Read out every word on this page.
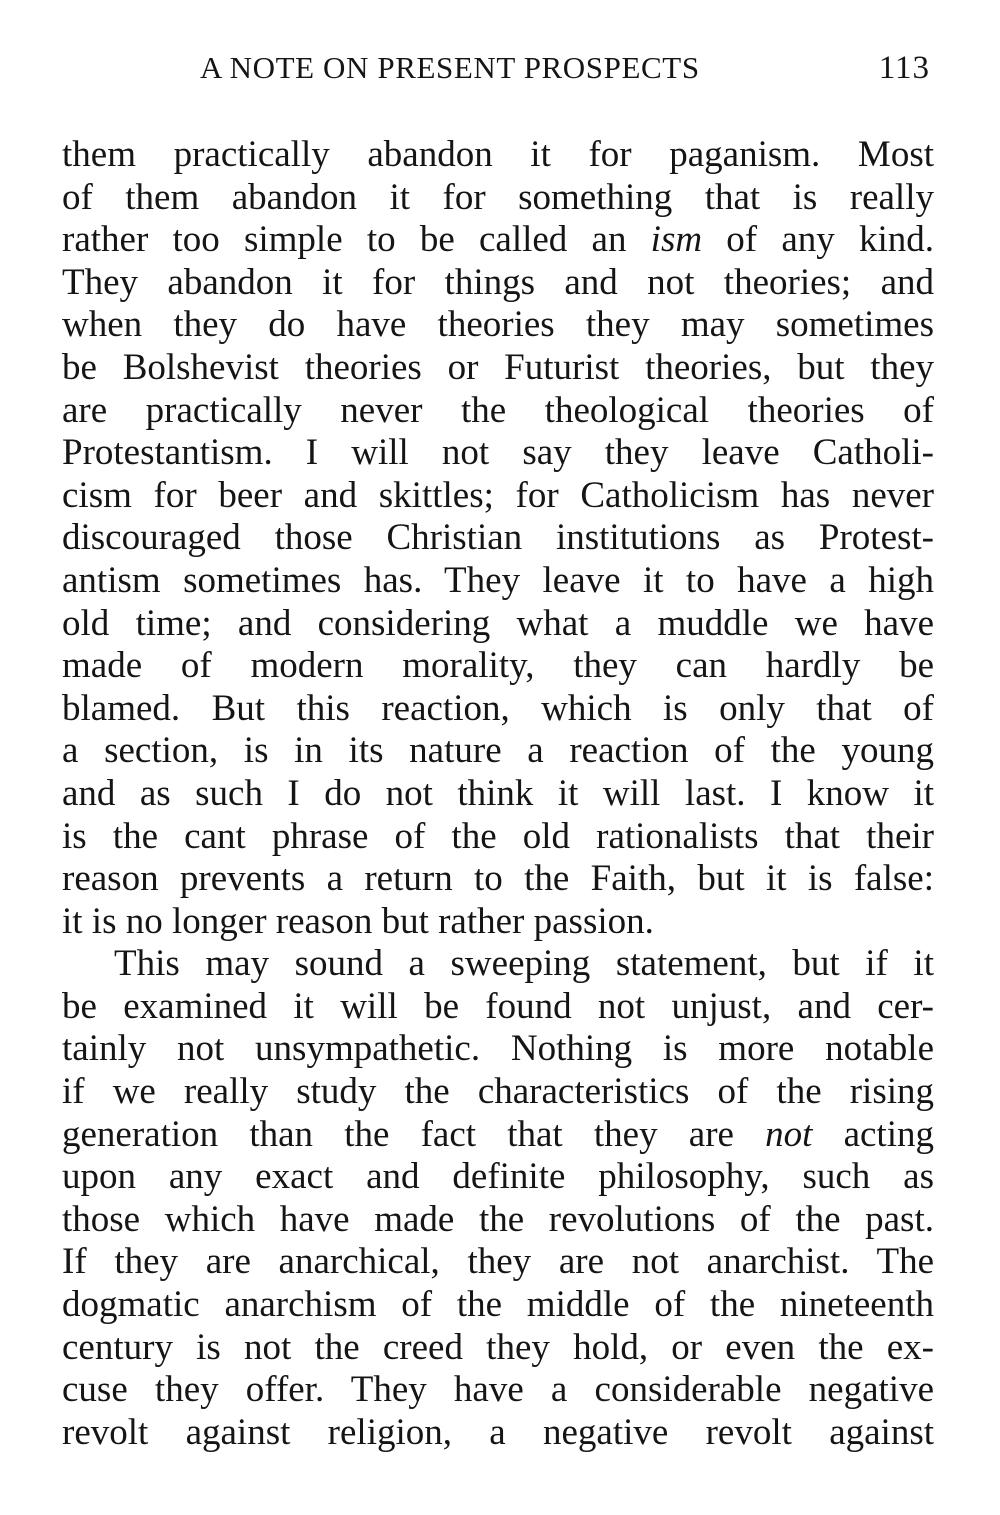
A NOTE ON PRESENT PROSPECTS	113
them practically abandon it for paganism. Most
of them abandon it for something that is really
rather too simple to be called an ism of any kind.
They abandon it for things and not theories; and
when they do have theories they may sometimes
be Bolshevist theories or Futurist theories, but they
are practically never the theological theories of
Protestantism. I will not say they leave Catholi-
cism for beer and skittles; for Catholicism has never
discouraged those Christian institutions as Protest-
antism sometimes has. They leave it to have a high
old time; and considering what a muddle we have
made of modern morality, they can hardly be
blamed. But this reaction, which is only that of
a section, is in its nature a reaction of the young
and as such I do not think it will last. I know it
is the cant phrase of the old rationalists that their
reason prevents a return to the Faith, but it is false:
it is no longer reason but rather passion.
This may sound a sweeping statement, but if it
be examined it will be found not unjust, and cer-
tainly not unsympathetic. Nothing is more notable
if we really study the characteristics of the rising
generation than the fact that they are not acting
upon any exact and definite philosophy, such as
those which have made the revolutions of the past.
If they are anarchical, they are not anarchist. The
dogmatic anarchism of the middle of the nineteenth
century is not the creed they hold, or even the ex-
cuse they offer. They have a considerable negative
revolt against religion, a negative revolt against
